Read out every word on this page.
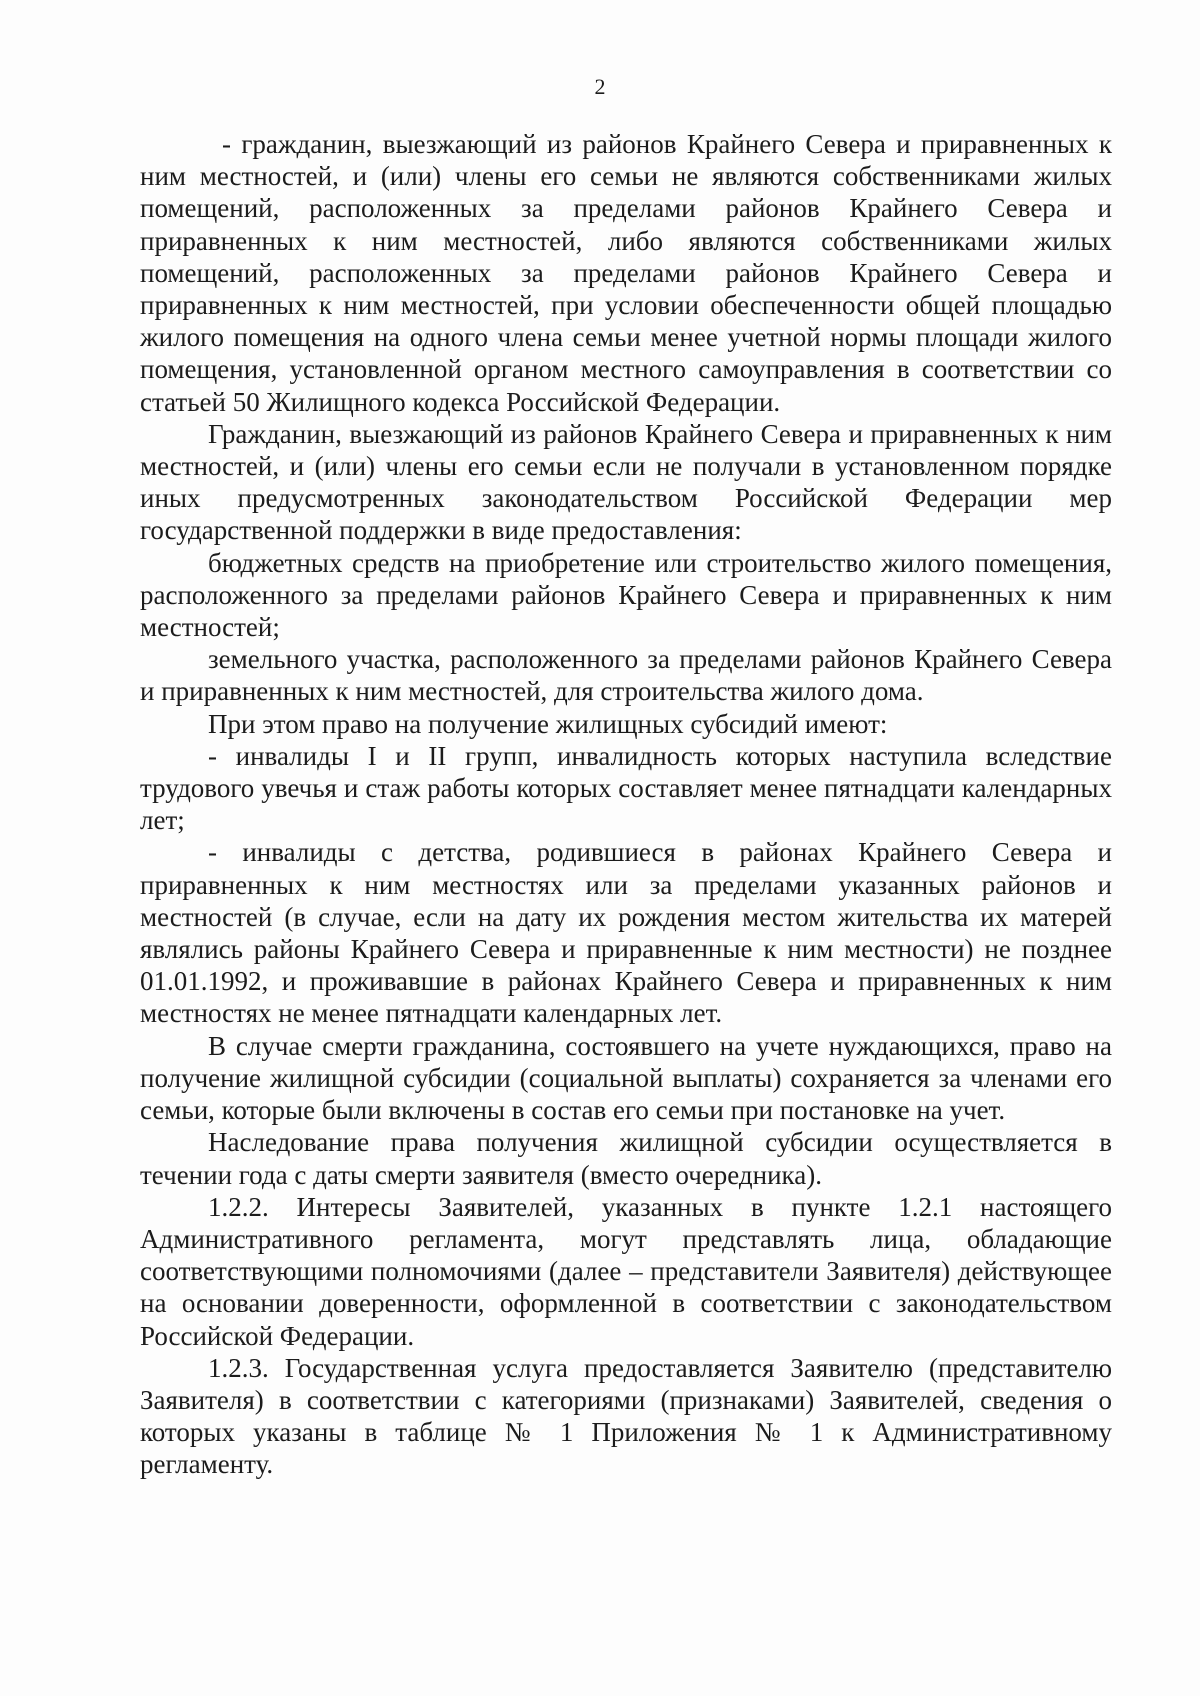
2

- гражданин, выезжающий из районов Крайнего Севера и приравненных к ним местностей, и (или) члены его семьи не являются собственниками жилых помещений, расположенных за пределами районов Крайнего Севера и приравненных к ним местностей, либо являются собственниками жилых помещений, расположенных за пределами районов Крайнего Севера и приравненных к ним местностей, при условии обеспеченности общей площадью жилого помещения на одного члена семьи менее учетной нормы площади жилого помещения, установленной органом местного самоуправления в соответствии со статьей 50 Жилищного кодекса Российской Федерации.

Гражданин, выезжающий из районов Крайнего Севера и приравненных к ним местностей, и (или) члены его семьи если не получали в установленном порядке иных предусмотренных законодательством Российской Федерации мер государственной поддержки в виде предоставления:

бюджетных средств на приобретение или строительство жилого помещения, расположенного за пределами районов Крайнего Севера и приравненных к ним местностей;

земельного участка, расположенного за пределами районов Крайнего Севера и приравненных к ним местностей, для строительства жилого дома.

При этом право на получение жилищных субсидий имеют:

- инвалиды I и II групп, инвалидность которых наступила вследствие трудового увечья и стаж работы которых составляет менее пятнадцати календарных лет;

- инвалиды с детства, родившиеся в районах Крайнего Севера и приравненных к ним местностях или за пределами указанных районов и местностей (в случае, если на дату их рождения местом жительства их матерей являлись районы Крайнего Севера и приравненные к ним местности) не позднее 01.01.1992, и проживавшие в районах Крайнего Севера и приравненных к ним местностях не менее пятнадцати календарных лет.

В случае смерти гражданина, состоявшего на учете нуждающихся, право на получение жилищной субсидии (социальной выплаты) сохраняется за членами его семьи, которые были включены в состав его семьи при постановке на учет.

Наследование права получения жилищной субсидии осуществляется в течении года с даты смерти заявителя (вместо очередника).

1.2.2. Интересы Заявителей, указанных в пункте 1.2.1 настоящего Административного регламента, могут представлять лица, обладающие соответствующими полномочиями (далее – представители Заявителя) действующее на основании доверенности, оформленной в соответствии с законодательством Российской Федерации.

1.2.3. Государственная услуга предоставляется Заявителю (представителю Заявителя) в соответствии с категориями (признаками) Заявителей, сведения о которых указаны в таблице № 1 Приложения № 1 к Административному регламенту.
